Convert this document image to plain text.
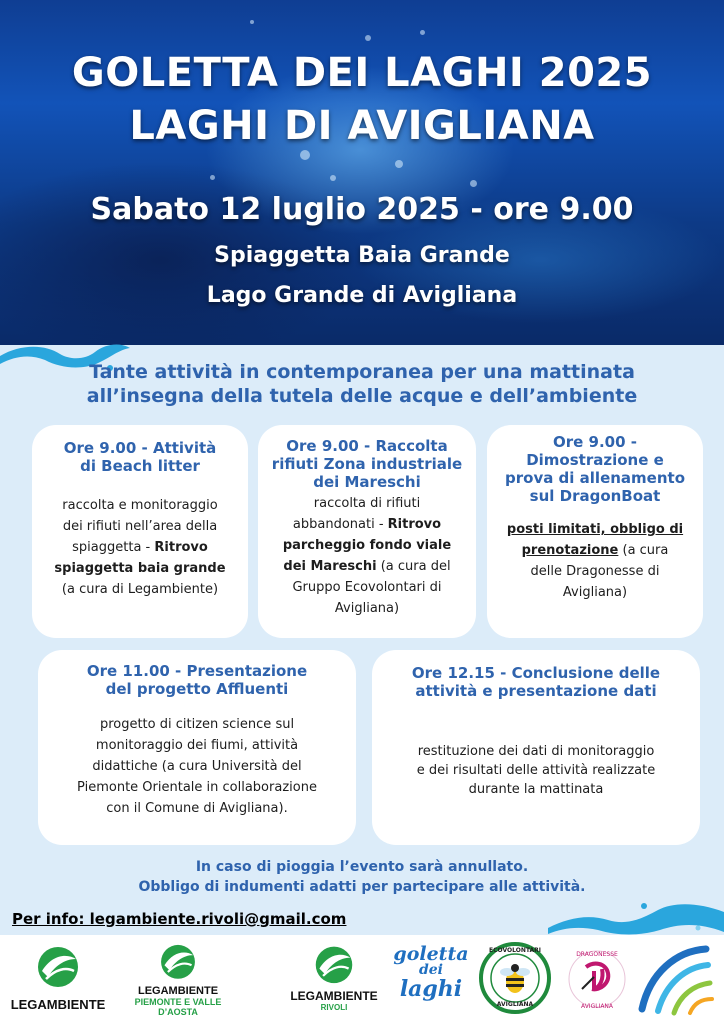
GOLETTA DEI LAGHI 2025
LAGHI DI AVIGLIANA
Sabato 12 luglio 2025 - ore 9.00
Spiaggetta Baia Grande
Lago Grande di Avigliana
Tante attività in contemporanea per una mattinata
all’insegna della tutela delle acque e dell’ambiente
Ore 9.00 - Attività
di Beach litter
raccolta e monitoraggio
dei rifiuti nell’area della
spiaggetta - Ritrovo
spiaggetta baia grande
(a cura di Legambiente)
Ore 9.00 - Raccolta
rifiuti Zona industriale
dei Mareschi
raccolta di rifiuti
abbandonati - Ritrovo
parcheggio fondo viale
dei Mareschi (a cura del
Gruppo Ecovolontari di
Avigliana)
Ore 9.00 -
Dimostrazione e
prova di allenamento
sul DragonBoat
posti limitati, obbligo di
prenotazione (a cura
delle Dragonesse di
Avigliana)
Ore 11.00 - Presentazione
del progetto Affluenti
progetto di citizen science sul
monitoraggio dei fiumi, attività
didattiche (a cura Università del
Piemonte Orientale in collaborazione
con il Comune di Avigliana).
Ore 12.15 - Conclusione delle
attività e presentazione dati
restituzione dei dati di monitoraggio
e dei risultati delle attività realizzate
durante la mattinata
In caso di pioggia l’evento sarà annullato.
Obbligo di indumenti adatti per partecipare alle attività.
Per info: legambiente.rivoli@gmail.com
LEGAMBIENTE
LEGAMBIENTE
PIEMONTE E VALLE D’AOSTA
LEGAMBIENTE
RIVOLI
goletta
dei
laghi
ECOVOLONTARI
AVIGLIANA
DRAGONESSE
AVIGLIANA
